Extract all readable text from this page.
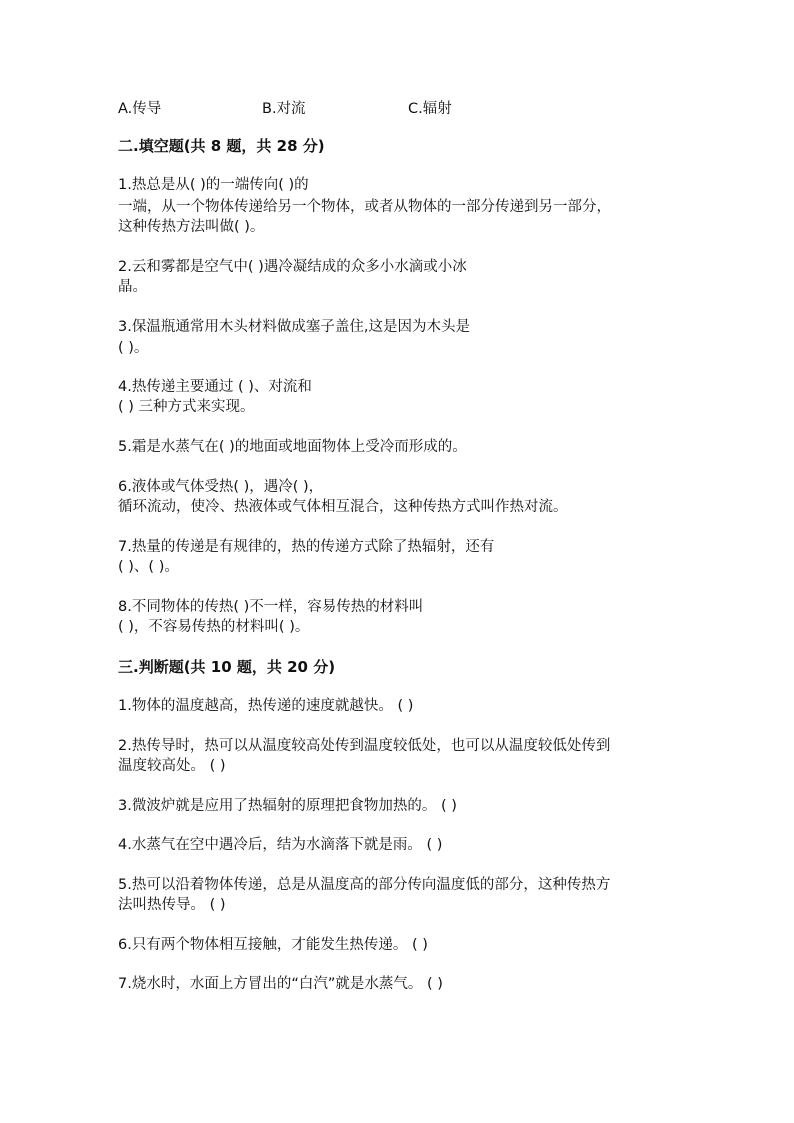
A.传导	B.对流	C.辐射
二.填空题(共 8 题，共 28 分)
1.热总是从( )的一端传向( )的
一端，从一个物体传递给另一个物体，或者从物体的一部分传递到另一部分，
这种传热方法叫做( )。
2.云和雾都是空气中( )遇冷凝结成的众多小水滴或小冰
晶。
3.保温瓶通常用木头材料做成塞子盖住,这是因为木头是
( )。
4.热传递主要通过 ( )、对流和
( ) 三种方式来实现。
5.霜是水蒸气在( )的地面或地面物体上受冷而形成的。
6.液体或气体受热( )，遇冷( )，
循环流动，使冷、热液体或气体相互混合，这种传热方式叫作热对流。
7.热量的传递是有规律的，热的传递方式除了热辐射，还有
( )、( )。
8.不同物体的传热( )不一样，容易传热的材料叫
( )，不容易传热的材料叫( )。
三.判断题(共 10 题，共 20 分)
1.物体的温度越高，热传递的速度就越快。 ( )
2.热传导时，热可以从温度较高处传到温度较低处，也可以从温度较低处传到
温度较高处。 ( )
3.微波炉就是应用了热辐射的原理把食物加热的。 ( )
4.水蒸气在空中遇冷后，结为水滴落下就是雨。 ( )
5.热可以沿着物体传递，总是从温度高的部分传向温度低的部分，这种传热方
法叫热传导。 ( )
6.只有两个物体相互接触，才能发生热传递。 ( )
7.烧水时，水面上方冒出的“白汽”就是水蒸气。 ( )
